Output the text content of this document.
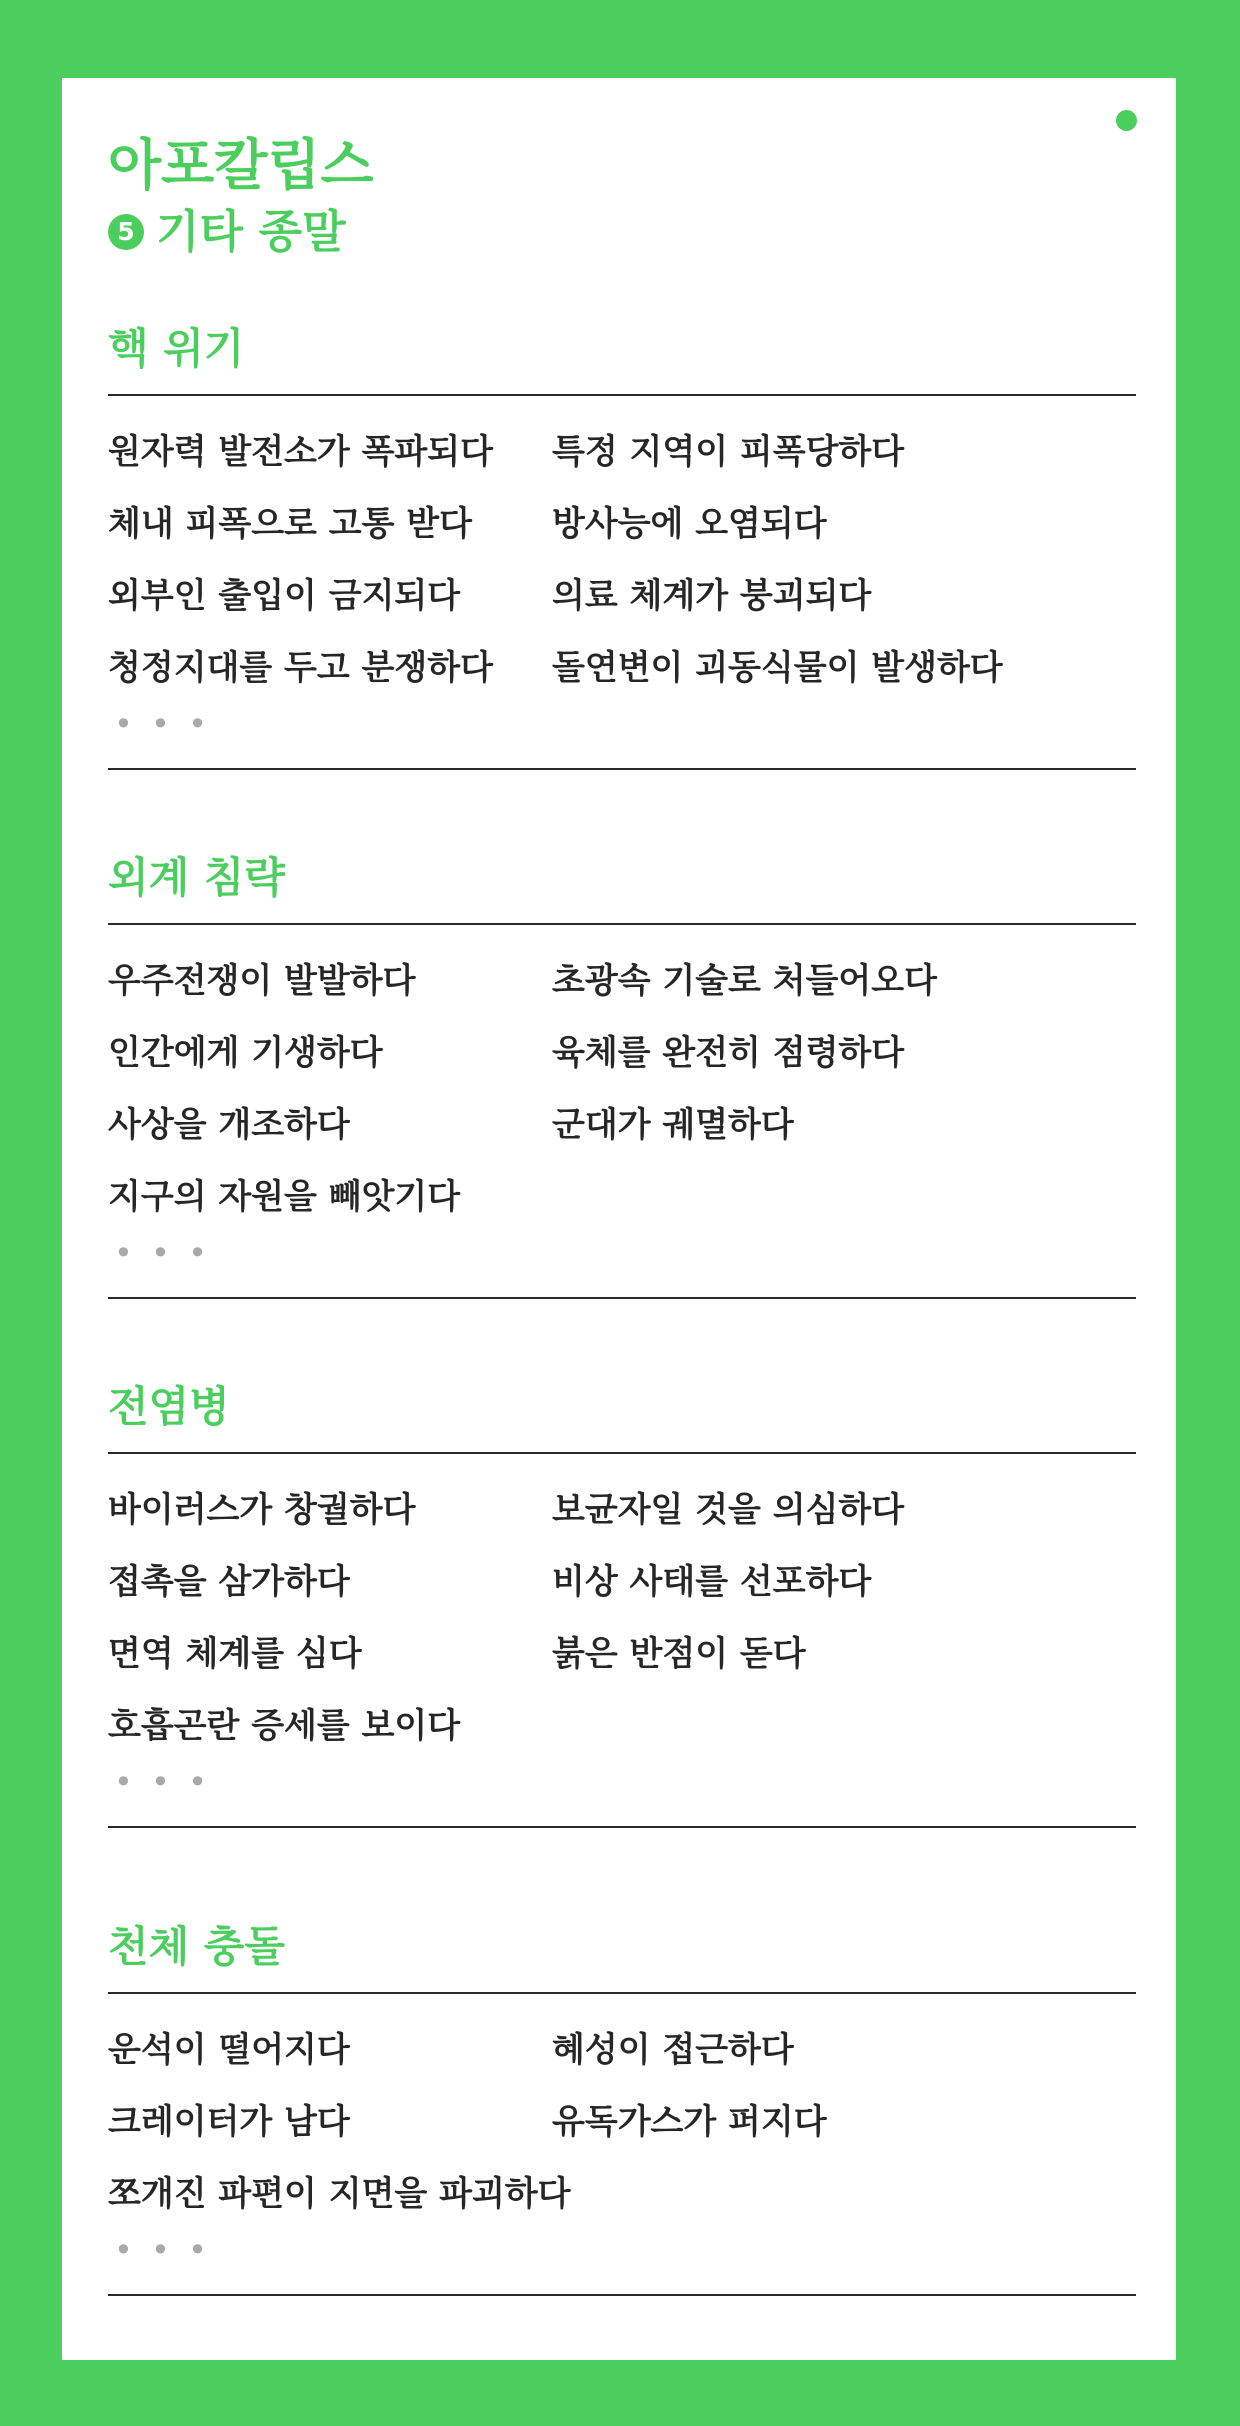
아포칼립스
5 기타 종말
핵 위기
원자력 발전소가 폭파되다	특정 지역이 피폭당하다
체내 피폭으로 고통 받다	방사능에 오염되다
외부인 출입이 금지되다	의료 체계가 붕괴되다
청정지대를 두고 분쟁하다	돌연변이 괴동식물이 발생하다
• • •
외계 침략
우주전쟁이 발발하다	초광속 기술로 처들어오다
인간에게 기생하다	육체를 완전히 점령하다
사상을 개조하다	군대가 궤멸하다
지구의 자원을 빼앗기다
• • •
전염병
바이러스가 창궐하다	보균자일 것을 의심하다
접촉을 삼가하다	비상 사태를 선포하다
면역 체계를 심다	붉은 반점이 돋다
호흡곤란 증세를 보이다
• • •
천체 충돌
운석이 떨어지다	혜성이 접근하다
크레이터가 남다	유독가스가 퍼지다
쪼개진 파편이 지면을 파괴하다
• • •
